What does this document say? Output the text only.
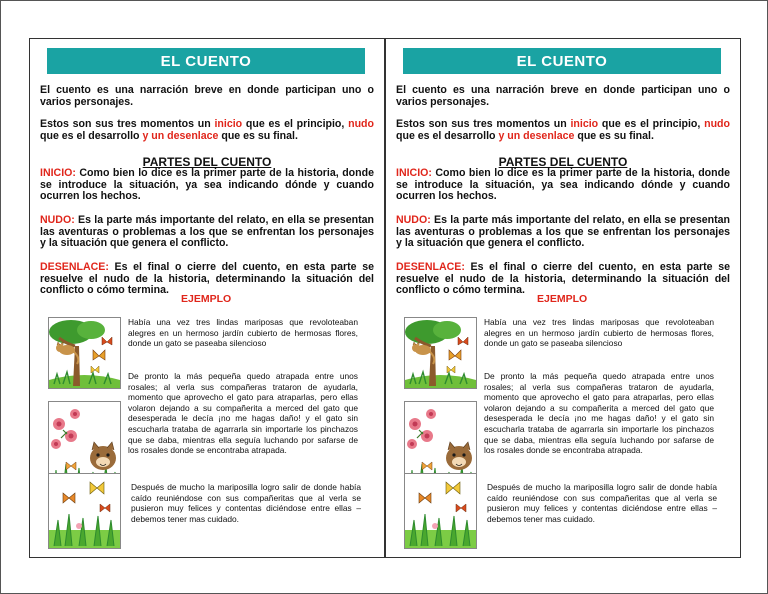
EL CUENTO
El cuento es una narración breve en donde participan uno o varios personajes.
Estos son sus tres momentos un inicio que es el principio, nudo que es el desarrollo y un desenlace que es su final.
PARTES DEL CUENTO
INICIO: Como bien lo dice es la primer parte de la historia, donde se introduce la situación, ya sea indicando dónde y cuando ocurren los hechos.
NUDO: Es la parte más importante del relato, en ella se presentan las aventuras o problemas a los que se enfrentan los personajes y la situación que genera el conflicto.
DESENLACE: Es el final o cierre del cuento, en esta parte se resuelve el nudo de la historia, determinando la situación del conflicto o cómo termina.
EJEMPLO
Había una vez tres lindas mariposas que revoloteaban alegres en un hermoso jardín cubierto de hermosas flores, donde un gato se paseaba silencioso
De pronto la más pequeña quedo atrapada entre unos rosales; al verla sus compañeras trataron de ayudarla, momento que aprovecho el gato para atraparlas, pero ellas volaron dejando a su compañerita a merced del gato que desesperada le decía ¡no me hagas daño! y el gato sin escucharla trataba de agarrarla sin importarle los pinchazos que se daba, mientras ella seguía luchando por safarse de los rosales donde se encontraba atrapada.
Después de mucho la mariposilla logro salir de donde había caído reuniéndose con sus compañeritas que al verla se pusieron muy felices y contentas diciéndose entre ellas – debemos tener mas cuidado.
EL CUENTO
El cuento es una narración breve en donde participan uno o varios personajes.
Estos son sus tres momentos un inicio que es el principio, nudo que es el desarrollo y un desenlace que es su final.
PARTES DEL CUENTO
INICIO: Como bien lo dice es la primer parte de la historia, donde se introduce la situación, ya sea indicando dónde y cuando ocurren los hechos.
NUDO: Es la parte más importante del relato, en ella se presentan las aventuras o problemas a los que se enfrentan los personajes y la situación que genera el conflicto.
DESENLACE: Es el final o cierre del cuento, en esta parte se resuelve el nudo de la historia, determinando la situación del conflicto o cómo termina.
EJEMPLO
Había una vez tres lindas mariposas que revoloteaban alegres en un hermoso jardín cubierto de hermosas flores, donde un gato se paseaba silencioso
De pronto la más pequeña quedo atrapada entre unos rosales; al verla sus compañeras trataron de ayudarla, momento que aprovecho el gato para atraparlas, pero ellas volaron dejando a su compañerita a merced del gato que desesperada le decía ¡no me hagas daño! y el gato sin escucharla trataba de agarrarla sin importarle los pinchazos que se daba, mientras ella seguía luchando por safarse de los rosales donde se encontraba atrapada.
Después de mucho la mariposilla logro salir de donde había caído reuniéndose con sus compañeritas que al verla se pusieron muy felices y contentas diciéndose entre ellas – debemos tener mas cuidado.
